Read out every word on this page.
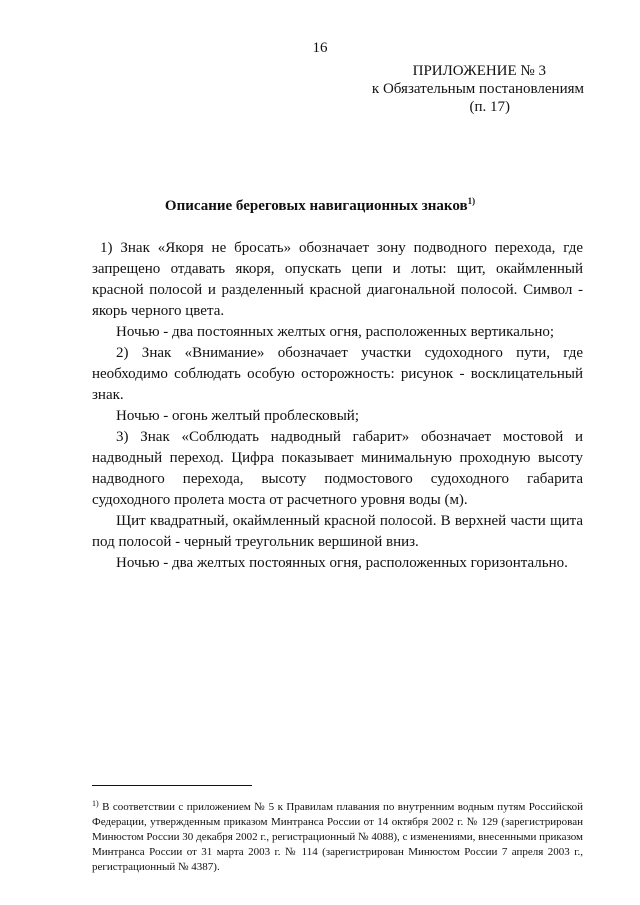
16
ПРИЛОЖЕНИЕ № 3
к Обязательным постановлениям
(п. 17)
Описание береговых навигационных знаков$^{1)}$

1) Знак «Якоря не бросать» обозначает зону подводного перехода, где запрещено отдавать якоря, опускать цепи и лоты: щит, окаймленный красной полосой и разделенный красной диагональной полосой. Символ - якорь черного цвета.

Ночью - два постоянных желтых огня, расположенных вертикально;

2) Знак «Внимание» обозначает участки судоходного пути, где необходимо соблюдать особую осторожность: рисунок - восклицательный знак.

Ночью - огонь желтый проблесковый;

3) Знак «Соблюдать надводный габарит» обозначает мостовой и надводный переход. Цифра показывает минимальную проходную высоту надводного перехода, высоту подмостового судоходного габарита судоходного пролета моста от расчетного уровня воды (м).

Щит квадратный, окаймленный красной полосой. В верхней части щита под полосой - черный треугольник вершиной вниз.

Ночью - два желтых постоянных огня, расположенных горизонтально.

$^{1)}$ В соответствии с приложением № 5 к Правилам плавания по внутренним водным путям Российской Федерации, утвержденным приказом Минтранса России от 14 октября 2002 г. № 129 (зарегистрирован Минюстом России 30 декабря 2002 г., регистрационный № 4088), с изменениями, внесенными приказом Минтранса России от 31 марта 2003 г. № 114 (зарегистрирован Минюстом России 7 апреля 2003 г., регистрационный № 4387).
